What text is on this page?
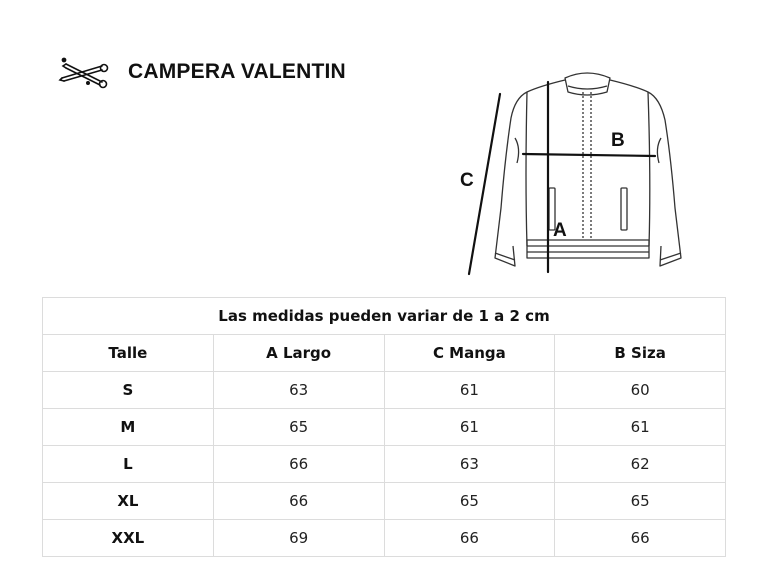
CAMPERA VALENTIN
B
C
A
Las medidas pueden variar de 1 a 2 cm			
Talle	A Largo	C Manga	B Siza
S	63	61	60
M	65	61	61
L	66	63	62
XL	66	65	65
XXL	69	66	66
